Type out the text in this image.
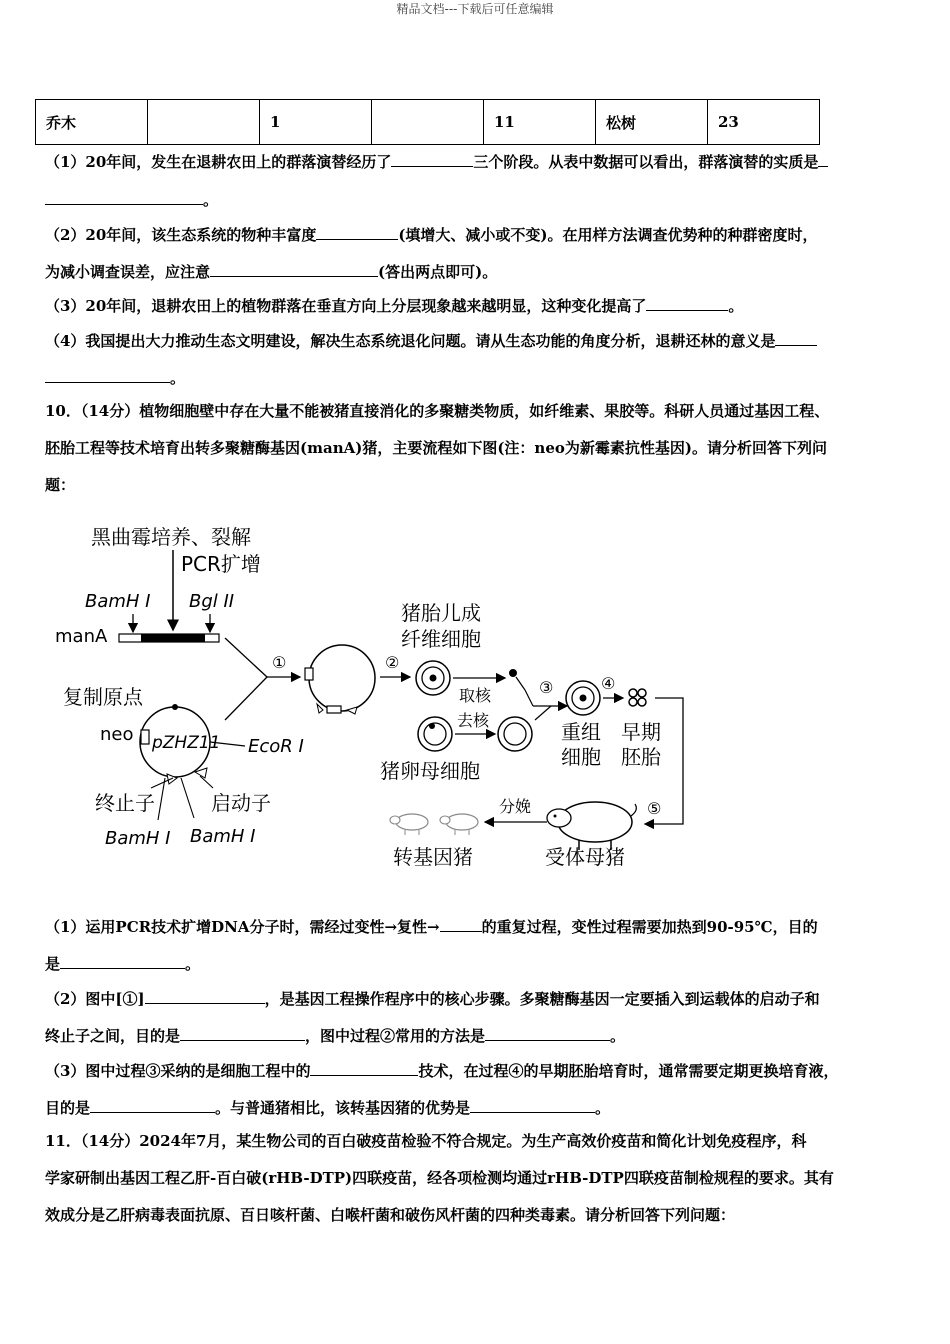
精品文档---下载后可任意编辑
乔木		1		11	松树	23
（1）20年间，发生在退耕农田上的群落演替经历了	三个阶段。从表中数据可以看出，群落演替的实质是
。
（2）20年间，该生态系统的物种丰富度	(填增大、减小或不变)。在用样方法调查优势种的种群密度时，
为减小调查误差，应注意	(答出两点即可)。
（3）20年间，退耕农田上的植物群落在垂直方向上分层现象越来越明显，这种变化提高了	。
（4）我国提出大力推动生态文明建设，解决生态系统退化问题。请从生态功能的角度分析，退耕还林的意义是
。
10．（14分）植物细胞壁中存在大量不能被猪直接消化的多聚糖类物质，如纤维素、果胶等。科研人员通过基因工程、
胚胎工程等技术培育出转多聚糖酶基因(manA)猪，主要流程如下图(注：neo为新霉素抗性基因)。请分析回答下列问
题：
黑曲霉培养、裂解
PCR扩增
BamH I Bgl II
manA
①	②
复制原点
neo pZHZ11 EcoR I
终止子	启动子
BamH I BamH I
猪胎儿成
纤维细胞
取核
去核
猪卵母细胞
③
重组
细胞
④
早期
胚胎
⑤
受体母猪
分娩
转基因猪
（1）运用PCR技术扩增DNA分子时，需经过变性→复性→	的重复过程，变性过程需要加热到90-95℃，目的
是	。
（2）图中[①]	，是基因工程操作程序中的核心步骤。多聚糖酶基因一定要插入到运载体的启动子和
终止子之间，目的是	，图中过程②常用的方法是	。
（3）图中过程③采纳的是细胞工程中的	技术，在过程④的早期胚胎培育时，通常需要定期更换培育液，
目的是	。与普通猪相比，该转基因猪的优势是	。
11．（14分）2024年7月，某生物公司的百白破疫苗检验不符合规定。为生产高效价疫苗和简化计划免疫程序，科
学家研制出基因工程乙肝-百白破(rHB-DTP)四联疫苗，经各项检测均通过rHB-DTP四联疫苗制检规程的要求。其有
效成分是乙肝病毒表面抗原、百日咳杆菌、白喉杆菌和破伤风杆菌的四种类毒素。请分析回答下列问题：
